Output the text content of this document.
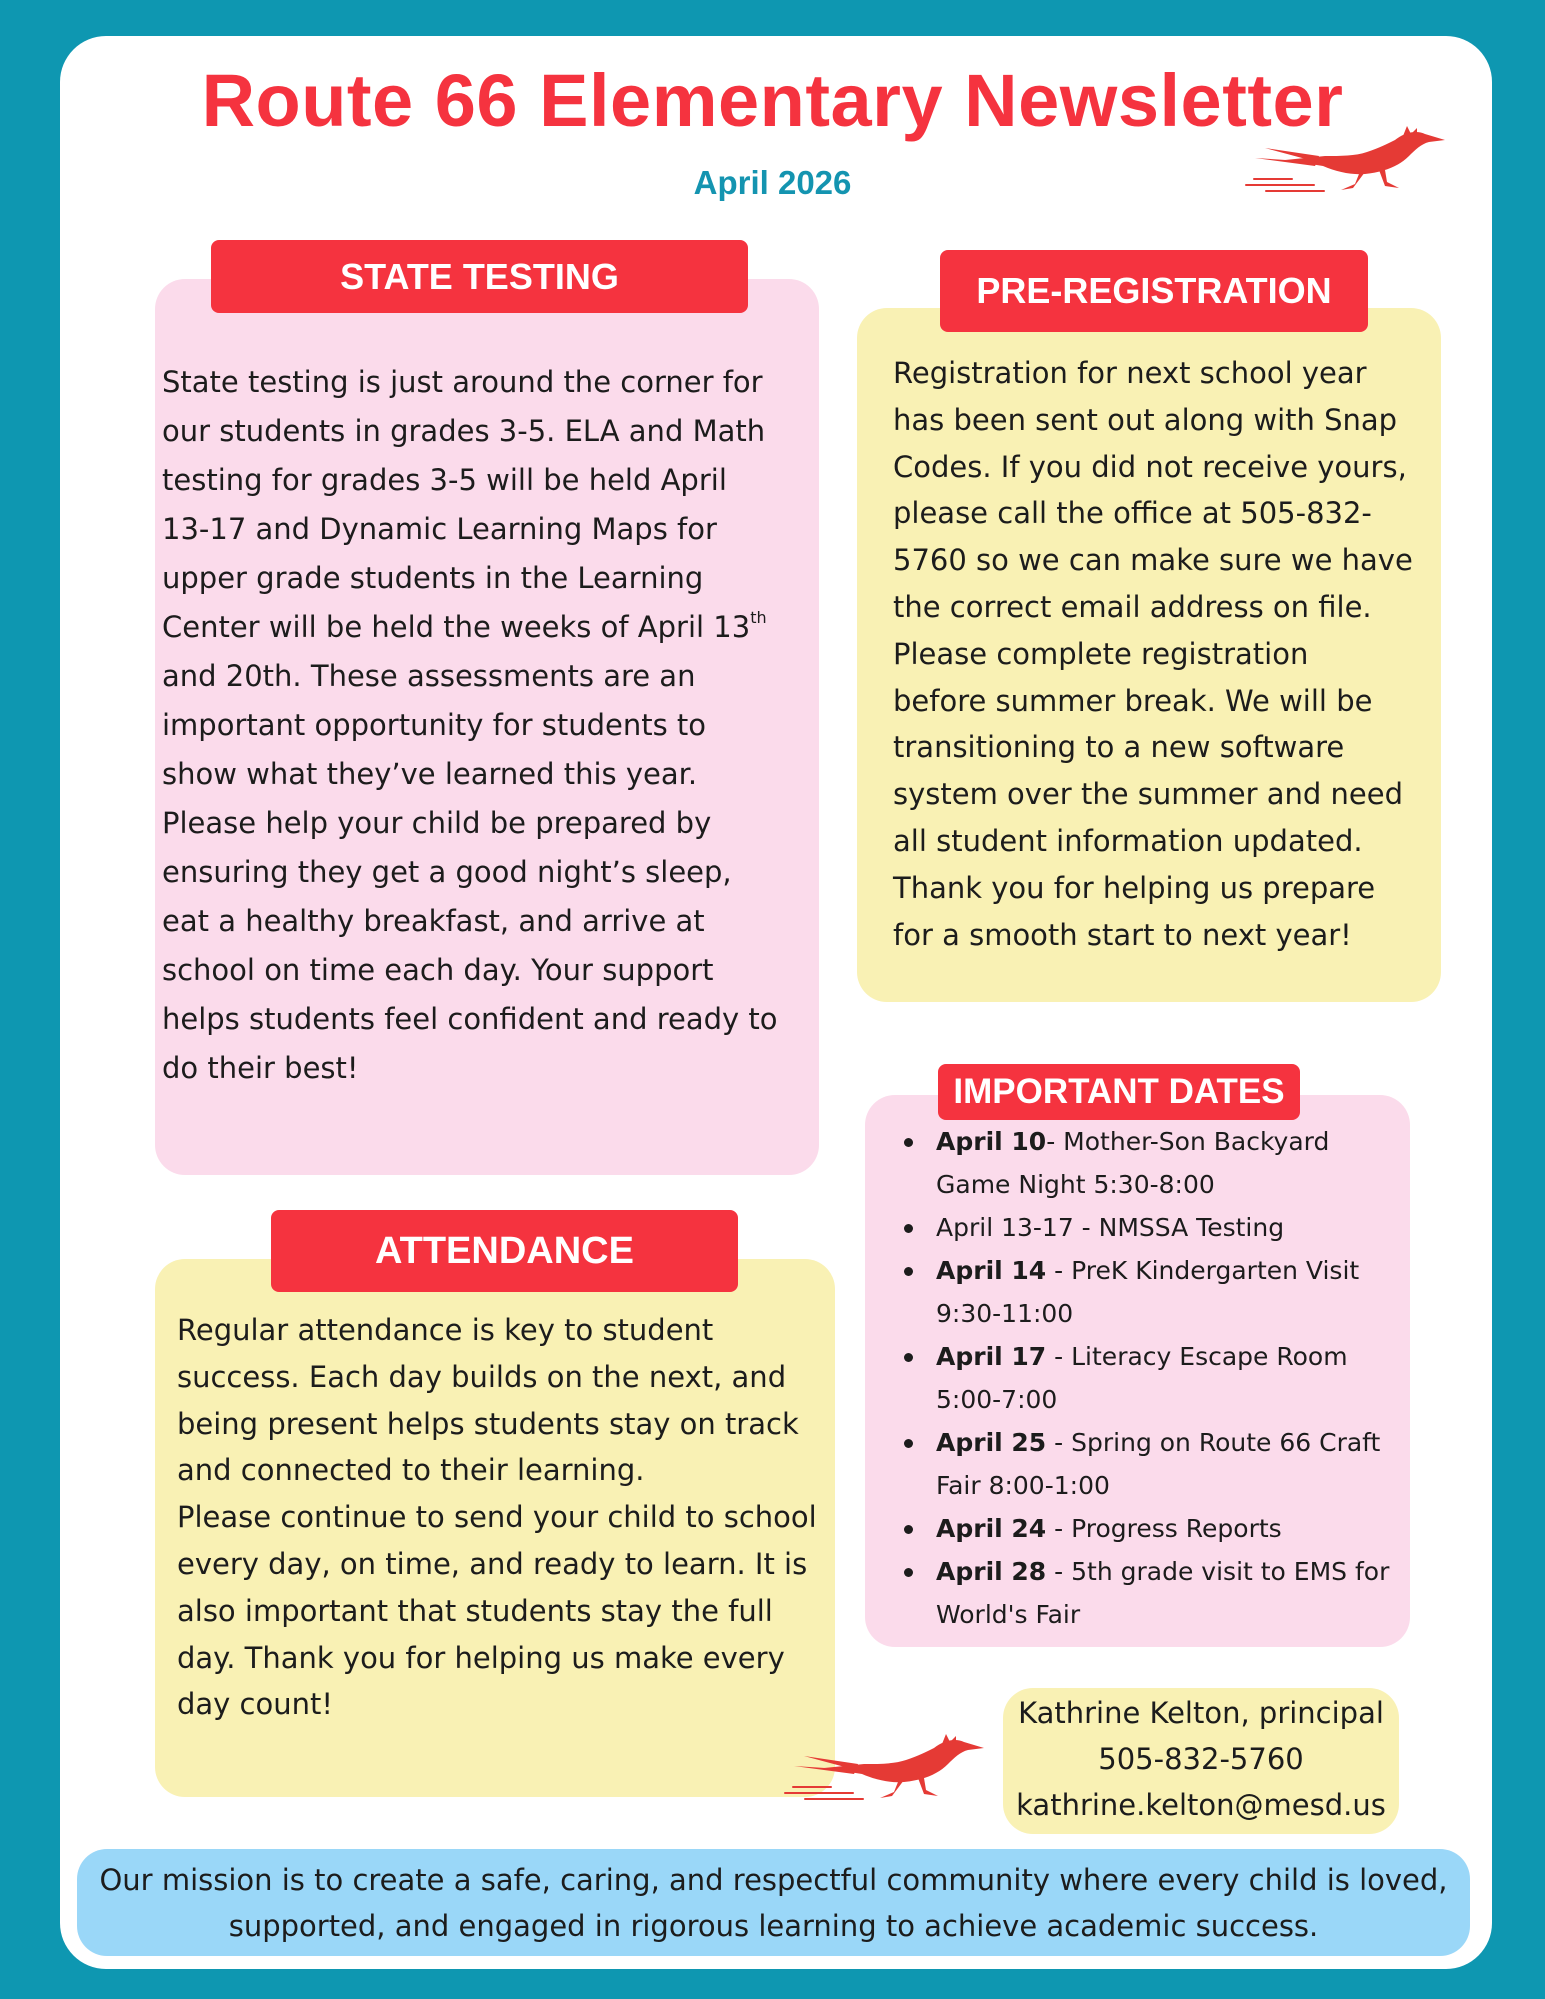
Route 66 Elementary Newsletter
April 2026
STATE TESTING
State testing is just around the corner for
our students in grades 3-5. ELA and Math
testing for grades 3-5 will be held April
13-17 and Dynamic Learning Maps for
upper grade students in the Learning
Center will be held the weeks of April 13th
and 20th. These assessments are an
important opportunity for students to
show what they’ve learned this year.
Please help your child be prepared by
ensuring they get a good night’s sleep,
eat a healthy breakfast, and arrive at
school on time each day. Your support
helps students feel confident and ready to
do their best!
PRE-REGISTRATION
Registration for next school year
has been sent out along with Snap
Codes. If you did not receive yours,
please call the office at 505-832-
5760 so we can make sure we have
the correct email address on file.
Please complete registration
before summer break. We will be
transitioning to a new software
system over the summer and need
all student information updated.
Thank you for helping us prepare
for a smooth start to next year!
IMPORTANT DATES
April 10- Mother-Son Backyard
Game Night 5:30-8:00
April 13-17 - NMSSA Testing
April 14 - PreK Kindergarten Visit
9:30-11:00
April 17 - Literacy Escape Room
5:00-7:00
April 25 - Spring on Route 66 Craft
Fair 8:00-1:00
April 24 - Progress Reports
April 28 - 5th grade visit to EMS for
World's Fair
ATTENDANCE
Regular attendance is key to student
success. Each day builds on the next, and
being present helps students stay on track
and connected to their learning.
Please continue to send your child to school
every day, on time, and ready to learn. It is
also important that students stay the full
day. Thank you for helping us make every
day count!	Kathrine Kelton, principal
505-832-5760
kathrine.kelton@mesd.us
Our mission is to create a safe, caring, and respectful community where every child is loved,
supported, and engaged in rigorous learning to achieve academic success.
